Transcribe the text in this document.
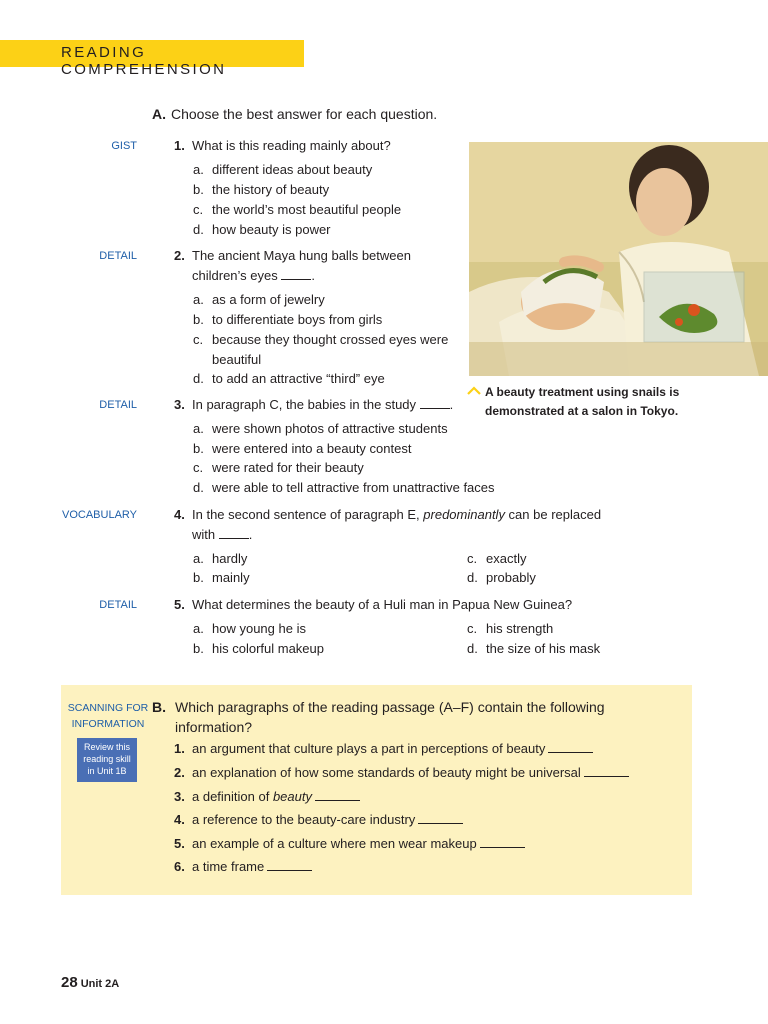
READING COMPREHENSION
A. Choose the best answer for each question.
GIST	1. What is this reading mainly about?
a. different ideas about beauty
b. the history of beauty
c. the world’s most beautiful people
d. how beauty is power
DETAIL	2. The ancient Maya hung balls between
children’s eyes	.
a. as a form of jewelry
b. to differentiate boys from girls
c. because they thought crossed eyes were
beautiful
d. to add an attractive “third” eye
DETAIL	3. In paragraph C, the babies in the study	.
a. were shown photos of attractive students
b. were entered into a beauty contest
c. were rated for their beauty
d. were able to tell attractive from unattractive faces
VOCABULARY	4. In the second sentence of paragraph E, predominantly can be replaced
with	.
a. hardly
b. mainly
c. exactly
d. probably
DETAIL	5. What determines the beauty of a Huli man in Papua New Guinea?
a. how young he is
b. his colorful makeup
c. his strength
d. the size of his mask
A beauty treatment using snails is
demonstrated at a salon in Tokyo.
SCANNING FOR
INFORMATION
Review this
reading skill
in Unit 1B
B. Which paragraphs of the reading passage (A–F) contain the following information?
1. an argument that culture plays a part in perceptions of beauty
2. an explanation of how some standards of beauty might be universal
3. a definition of beauty
4. a reference to the beauty-care industry
5. an example of a culture where men wear makeup
6. a time frame
28 Unit 2A
